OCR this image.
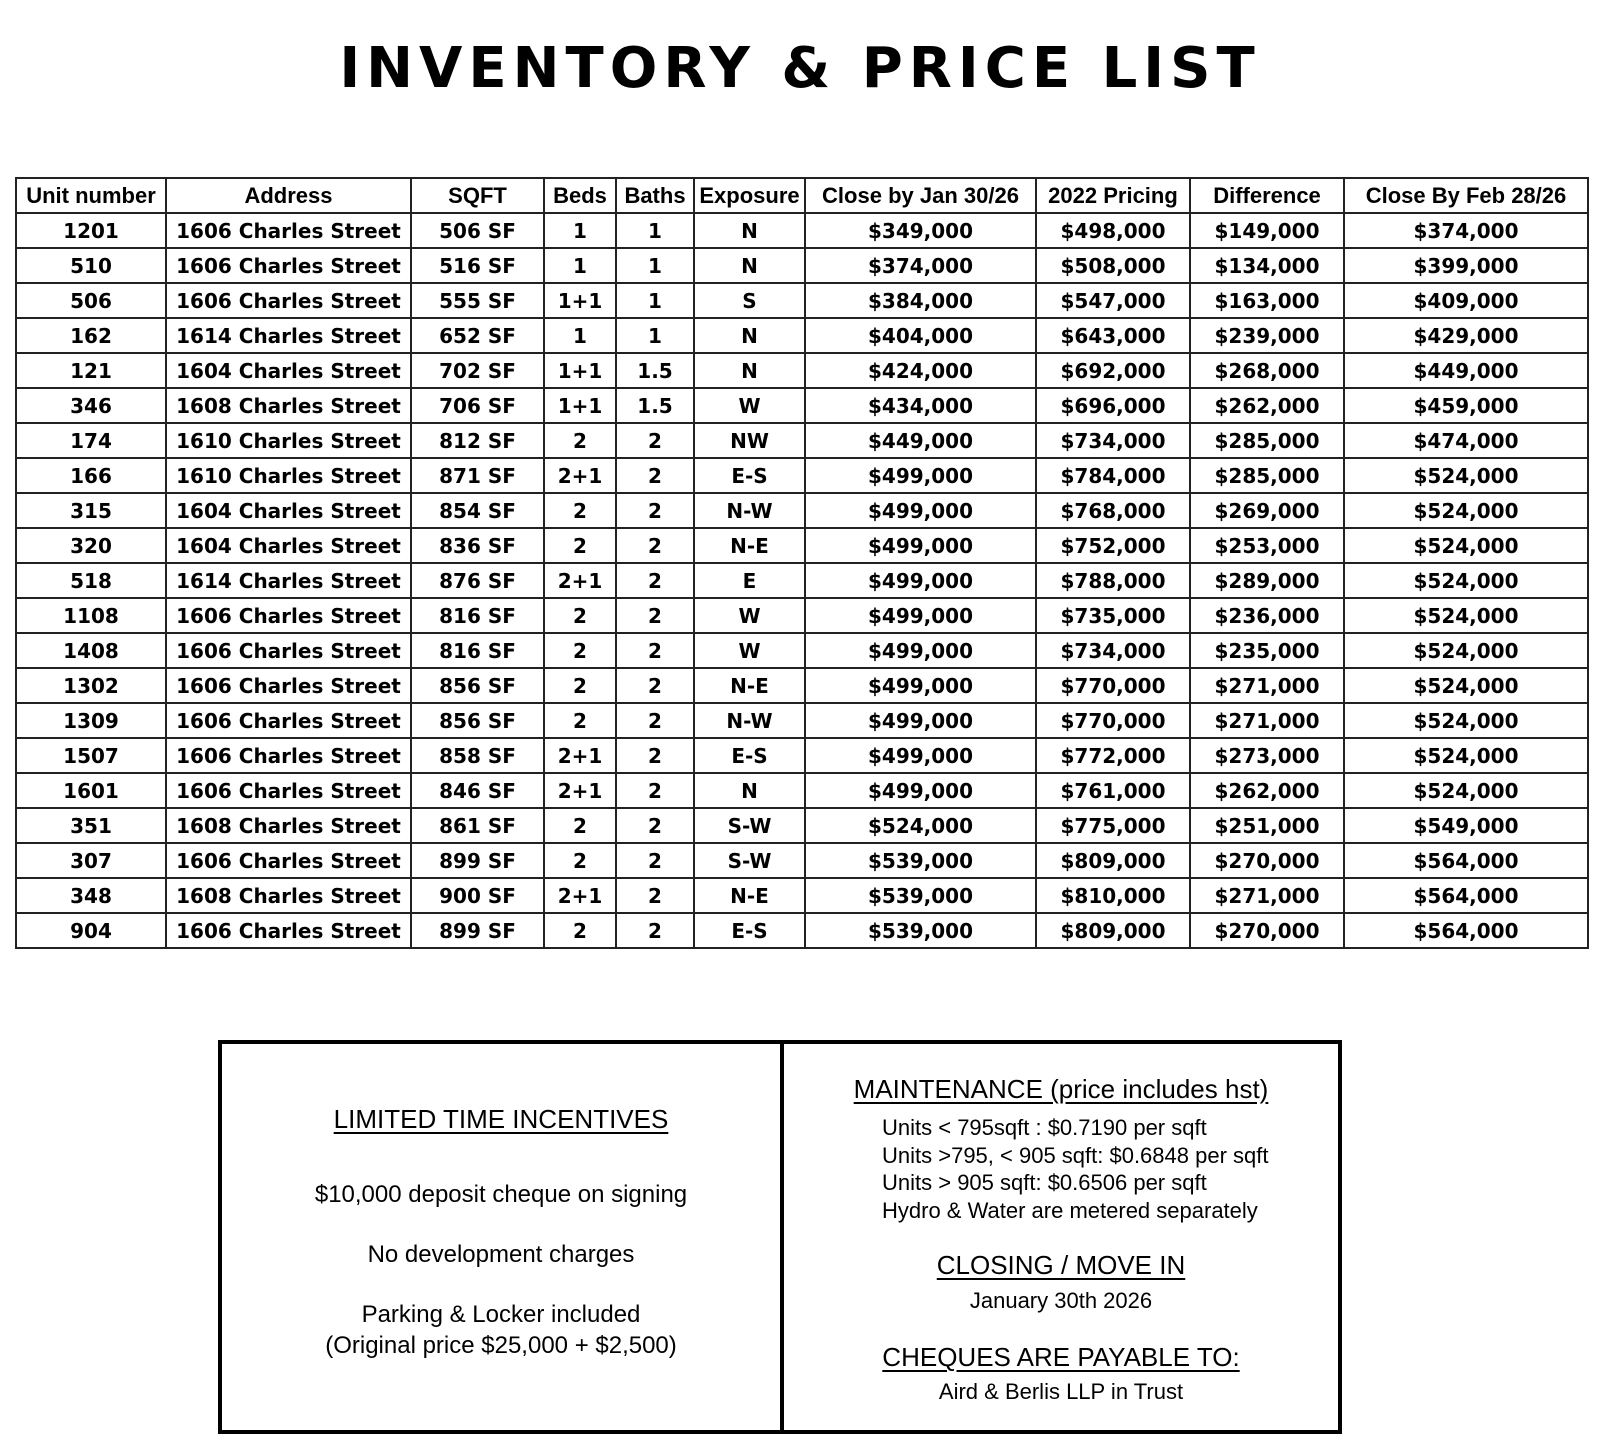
INVENTORY & PRICE LIST
Unit number	Address	SQFT	Beds	Baths	Exposure	Close by Jan 30/26	2022 Pricing	Difference	Close By Feb 28/26
1201	1606 Charles Street	506 SF	1	1	N	$349,000	$498,000	$149,000	$374,000
510	1606 Charles Street	516 SF	1	1	N	$374,000	$508,000	$134,000	$399,000
506	1606 Charles Street	555 SF	1+1	1	S	$384,000	$547,000	$163,000	$409,000
162	1614 Charles Street	652 SF	1	1	N	$404,000	$643,000	$239,000	$429,000
121	1604 Charles Street	702 SF	1+1	1.5	N	$424,000	$692,000	$268,000	$449,000
346	1608 Charles Street	706 SF	1+1	1.5	W	$434,000	$696,000	$262,000	$459,000
174	1610 Charles Street	812 SF	2	2	NW	$449,000	$734,000	$285,000	$474,000
166	1610 Charles Street	871 SF	2+1	2	E-S	$499,000	$784,000	$285,000	$524,000
315	1604 Charles Street	854 SF	2	2	N-W	$499,000	$768,000	$269,000	$524,000
320	1604 Charles Street	836 SF	2	2	N-E	$499,000	$752,000	$253,000	$524,000
518	1614 Charles Street	876 SF	2+1	2	E	$499,000	$788,000	$289,000	$524,000
1108	1606 Charles Street	816 SF	2	2	W	$499,000	$735,000	$236,000	$524,000
1408	1606 Charles Street	816 SF	2	2	W	$499,000	$734,000	$235,000	$524,000
1302	1606 Charles Street	856 SF	2	2	N-E	$499,000	$770,000	$271,000	$524,000
1309	1606 Charles Street	856 SF	2	2	N-W	$499,000	$770,000	$271,000	$524,000
1507	1606 Charles Street	858 SF	2+1	2	E-S	$499,000	$772,000	$273,000	$524,000
1601	1606 Charles Street	846 SF	2+1	2	N	$499,000	$761,000	$262,000	$524,000
351	1608 Charles Street	861 SF	2	2	S-W	$524,000	$775,000	$251,000	$549,000
307	1606 Charles Street	899 SF	2	2	S-W	$539,000	$809,000	$270,000	$564,000
348	1608 Charles Street	900 SF	2+1	2	N-E	$539,000	$810,000	$271,000	$564,000
904	1606 Charles Street	899 SF	2	2	E-S	$539,000	$809,000	$270,000	$564,000
LIMITED TIME INCENTIVES
$10,000 deposit cheque on signing
No development charges
Parking & Locker included
(Original price $25,000 + $2,500)
MAINTENANCE (price includes hst)
Units < 795sqft : $0.7190 per sqft
Units >795, < 905 sqft: $0.6848 per sqft
Units > 905 sqft: $0.6506 per sqft
Hydro & Water are metered separately
CLOSING / MOVE IN
January 30th 2026
CHEQUES ARE PAYABLE TO:
Aird & Berlis LLP in Trust
